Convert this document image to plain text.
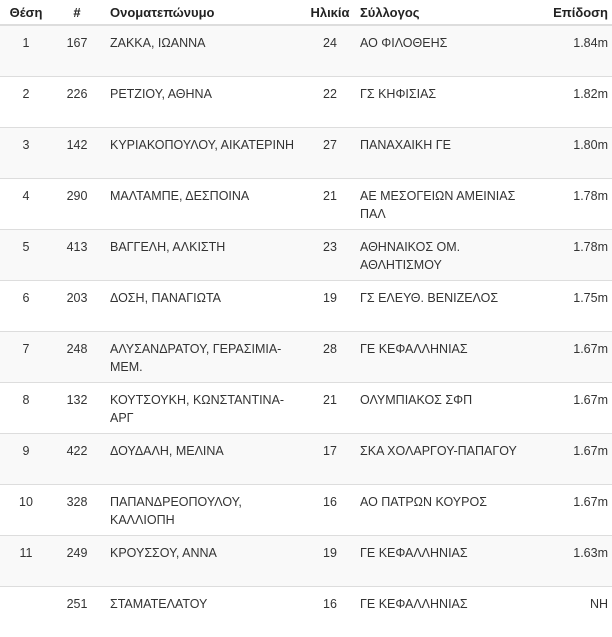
Θέση	#	Ονοματεπώνυμο	Ηλικία	Σύλλογος	Επίδοση
1	167	ΖΑΚΚΑ, ΙΩΑΝΝΑ	24	ΑΟ ΦΙΛΟΘΕΗΣ	1.84m
2	226	ΡΕΤΖΙΟΥ, ΑΘΗΝΑ	22	ΓΣ ΚΗΦΙΣΙΑΣ	1.82m
3	142	ΚΥΡΙΑΚΟΠΟΥΛΟΥ, ΑΙΚΑΤΕΡΙΝΗ	27	ΠΑΝΑΧΑΙΚΗ ΓΕ	1.80m
4	290	ΜΑΛΤΑΜΠΕ, ΔΕΣΠΟΙΝΑ	21	ΑΕ ΜΕΣΟΓΕΙΩΝ ΑΜΕΙΝΙΑΣ ΠΑΛ	1.78m
5	413	ΒΑΓΓΕΛΗ, ΑΛΚΙΣΤΗ	23	ΑΘΗΝΑΙΚΟΣ ΟΜ. ΑΘΛΗΤΙΣΜΟΥ	1.78m
6	203	ΔΟΣΗ, ΠΑΝΑΓΙΩΤΑ	19	ΓΣ ΕΛΕΥΘ. ΒΕΝΙΖΕΛΟΣ	1.75m
7	248	ΑΛΥΣΑΝΔΡΑΤΟΥ, ΓΕΡΑΣΙΜΙΑ-ΜΕΜ.	28	ΓΕ ΚΕΦΑΛΛΗΝΙΑΣ	1.67m
8	132	ΚΟΥΤΣΟΥΚΗ, ΚΩΝΣΤΑΝΤΙΝΑ-ΑΡΓ	21	ΟΛΥΜΠΙΑΚΟΣ ΣΦΠ	1.67m
9	422	ΔΟΥΔΑΛΗ, ΜΕΛΙΝΑ	17	ΣΚΑ ΧΟΛΑΡΓΟΥ-ΠΑΠΑΓΟΥ	1.67m
10	328	ΠΑΠΑΝΔΡΕΟΠΟΥΛΟΥ, ΚΑΛΛΙΟΠΗ	16	ΑΟ ΠΑΤΡΩΝ ΚΟΥΡΟΣ	1.67m
11	249	ΚΡΟΥΣΣΟΥ, ΑΝΝΑ	19	ΓΕ ΚΕΦΑΛΛΗΝΙΑΣ	1.63m
	251	ΣΤΑΜΑΤΕΛΑΤΟΥ	16	ΓΕ ΚΕΦΑΛΛΗΝΙΑΣ	ΝΗ
